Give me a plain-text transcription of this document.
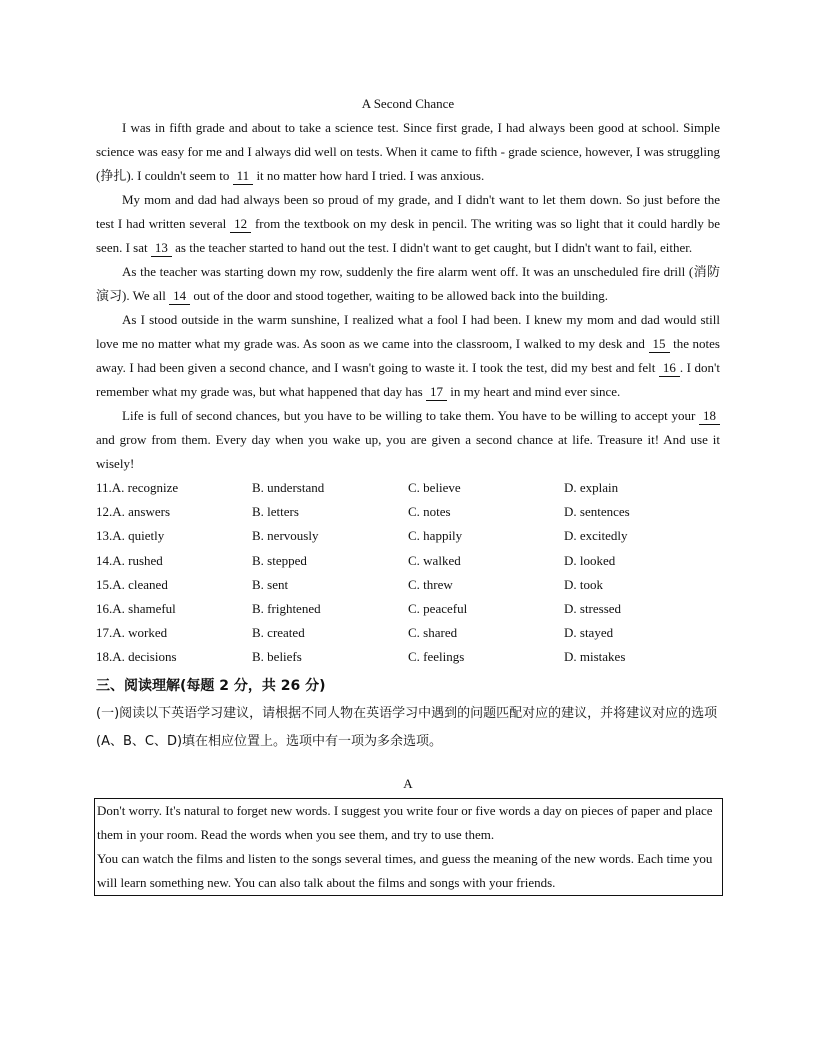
A Second Chance

I was in fifth grade and about to take a science test. Since first grade, I had always been good at school. Simple science was easy for me and I always did well on tests. When it came to fifth - grade science, however, I was struggling (挣扎). I couldn't seem to 11 it no matter how hard I tried. I was anxious.

My mom and dad had always been so proud of my grade, and I didn't want to let them down. So just before the test I had written several 12 from the textbook on my desk in pencil. The writing was so light that it could hardly be seen. I sat 13 as the teacher started to hand out the test. I didn't want to get caught, but I didn't want to fail, either.

As the teacher was starting down my row, suddenly the fire alarm went off. It was an unscheduled fire drill (消防演习). We all 14 out of the door and stood together, waiting to be allowed back into the building.

As I stood outside in the warm sunshine, I realized what a fool I had been. I knew my mom and dad would still love me no matter what my grade was. As soon as we came into the classroom, I walked to my desk and 15 the notes away. I had been given a second chance, and I wasn't going to waste it. I took the test, did my best and felt 16 . I don't remember what my grade was, but what happened that day has 17 in my heart and mind ever since.

Life is full of second chances, but you have to be willing to take them. You have to be willing to accept your 18 and grow from them. Every day when you wake up, you are given a second chance at life. Treasure it! And use it wisely!

11.A. recognize	B. understand	C. believe	D. explain
12.A. answers	B. letters	C. notes	D. sentences
13.A. quietly	B. nervously	C. happily	D. excitedly
14.A. rushed	B. stepped	C. walked	D. looked
15.A. cleaned	B. sent	C. threw	D. took
16.A. shameful	B. frightened	C. peaceful	D. stressed
17.A. worked	B. created	C. shared	D. stayed
18.A. decisions	B. beliefs	C. feelings	D. mistakes
三、阅读理解(每题 2 分，共 26 分)

(一)阅读以下英语学习建议，请根据不同人物在英语学习中遇到的问题匹配对应的建议，并将建议对应的选项(A、B、C、D)填在相应位置上。选项中有一项为多余选项。

A

Don't worry. It's natural to forget new words. I suggest you write four or five words a day on pieces of paper and place them in your room. Read the words when you see them, and try to use them.

You can watch the films and listen to the songs several times, and guess the meaning of the new words. Each time you will learn something new. You can also talk about the films and songs with your friends.
